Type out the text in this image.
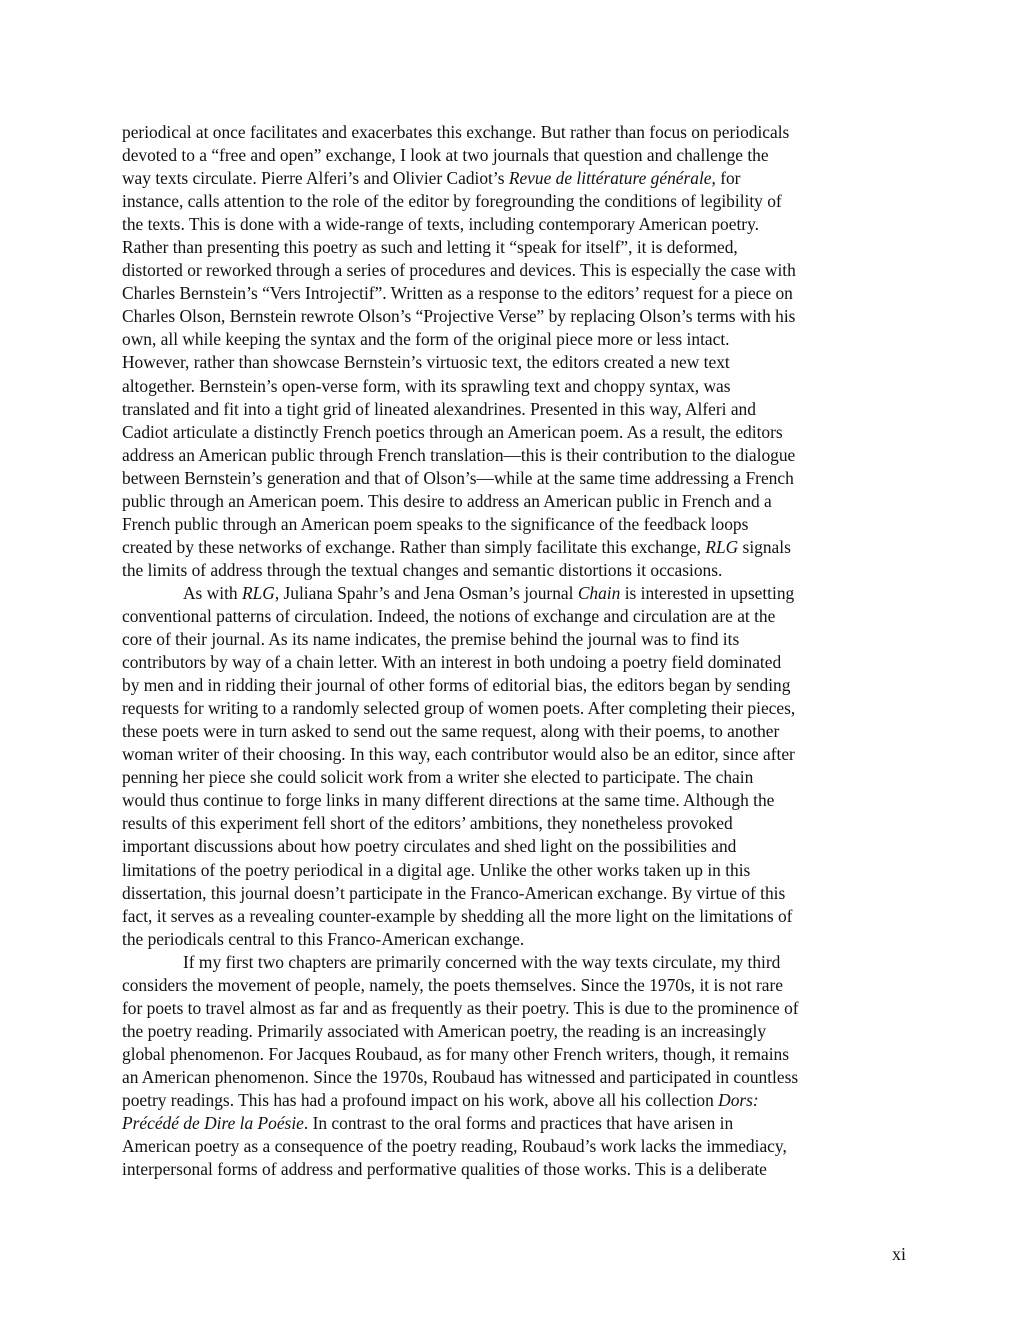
periodical at once facilitates and exacerbates this exchange. But rather than focus on periodicals
devoted to a “free and open” exchange, I look at two journals that question and challenge the
way texts circulate. Pierre Alferi’s and Olivier Cadiot’s Revue de littérature générale, for
instance, calls attention to the role of the editor by foregrounding the conditions of legibility of
the texts. This is done with a wide-range of texts, including contemporary American poetry.
Rather than presenting this poetry as such and letting it “speak for itself”, it is deformed,
distorted or reworked through a series of procedures and devices. This is especially the case with
Charles Bernstein’s “Vers Introjectif”. Written as a response to the editors’ request for a piece on
Charles Olson, Bernstein rewrote Olson’s “Projective Verse” by replacing Olson’s terms with his
own, all while keeping the syntax and the form of the original piece more or less intact.
However, rather than showcase Bernstein’s virtuosic text, the editors created a new text
altogether. Bernstein’s open-verse form, with its sprawling text and choppy syntax, was
translated and fit into a tight grid of lineated alexandrines. Presented in this way, Alferi and
Cadiot articulate a distinctly French poetics through an American poem. As a result, the editors
address an American public through French translation—this is their contribution to the dialogue
between Bernstein’s generation and that of Olson’s—while at the same time addressing a French
public through an American poem. This desire to address an American public in French and a
French public through an American poem speaks to the significance of the feedback loops
created by these networks of exchange. Rather than simply facilitate this exchange, RLG signals
the limits of address through the textual changes and semantic distortions it occasions.
As with RLG, Juliana Spahr’s and Jena Osman’s journal Chain is interested in upsetting
conventional patterns of circulation. Indeed, the notions of exchange and circulation are at the
core of their journal. As its name indicates, the premise behind the journal was to find its
contributors by way of a chain letter. With an interest in both undoing a poetry field dominated
by men and in ridding their journal of other forms of editorial bias, the editors began by sending
requests for writing to a randomly selected group of women poets. After completing their pieces,
these poets were in turn asked to send out the same request, along with their poems, to another
woman writer of their choosing. In this way, each contributor would also be an editor, since after
penning her piece she could solicit work from a writer she elected to participate. The chain
would thus continue to forge links in many different directions at the same time. Although the
results of this experiment fell short of the editors’ ambitions, they nonetheless provoked
important discussions about how poetry circulates and shed light on the possibilities and
limitations of the poetry periodical in a digital age. Unlike the other works taken up in this
dissertation, this journal doesn’t participate in the Franco-American exchange. By virtue of this
fact, it serves as a revealing counter-example by shedding all the more light on the limitations of
the periodicals central to this Franco-American exchange.
If my first two chapters are primarily concerned with the way texts circulate, my third
considers the movement of people, namely, the poets themselves. Since the 1970s, it is not rare
for poets to travel almost as far and as frequently as their poetry. This is due to the prominence of
the poetry reading. Primarily associated with American poetry, the reading is an increasingly
global phenomenon. For Jacques Roubaud, as for many other French writers, though, it remains
an American phenomenon. Since the 1970s, Roubaud has witnessed and participated in countless
poetry readings. This has had a profound impact on his work, above all his collection Dors:
Précédé de Dire la Poésie. In contrast to the oral forms and practices that have arisen in
American poetry as a consequence of the poetry reading, Roubaud’s work lacks the immediacy,
interpersonal forms of address and performative qualities of those works. This is a deliberate
xi
